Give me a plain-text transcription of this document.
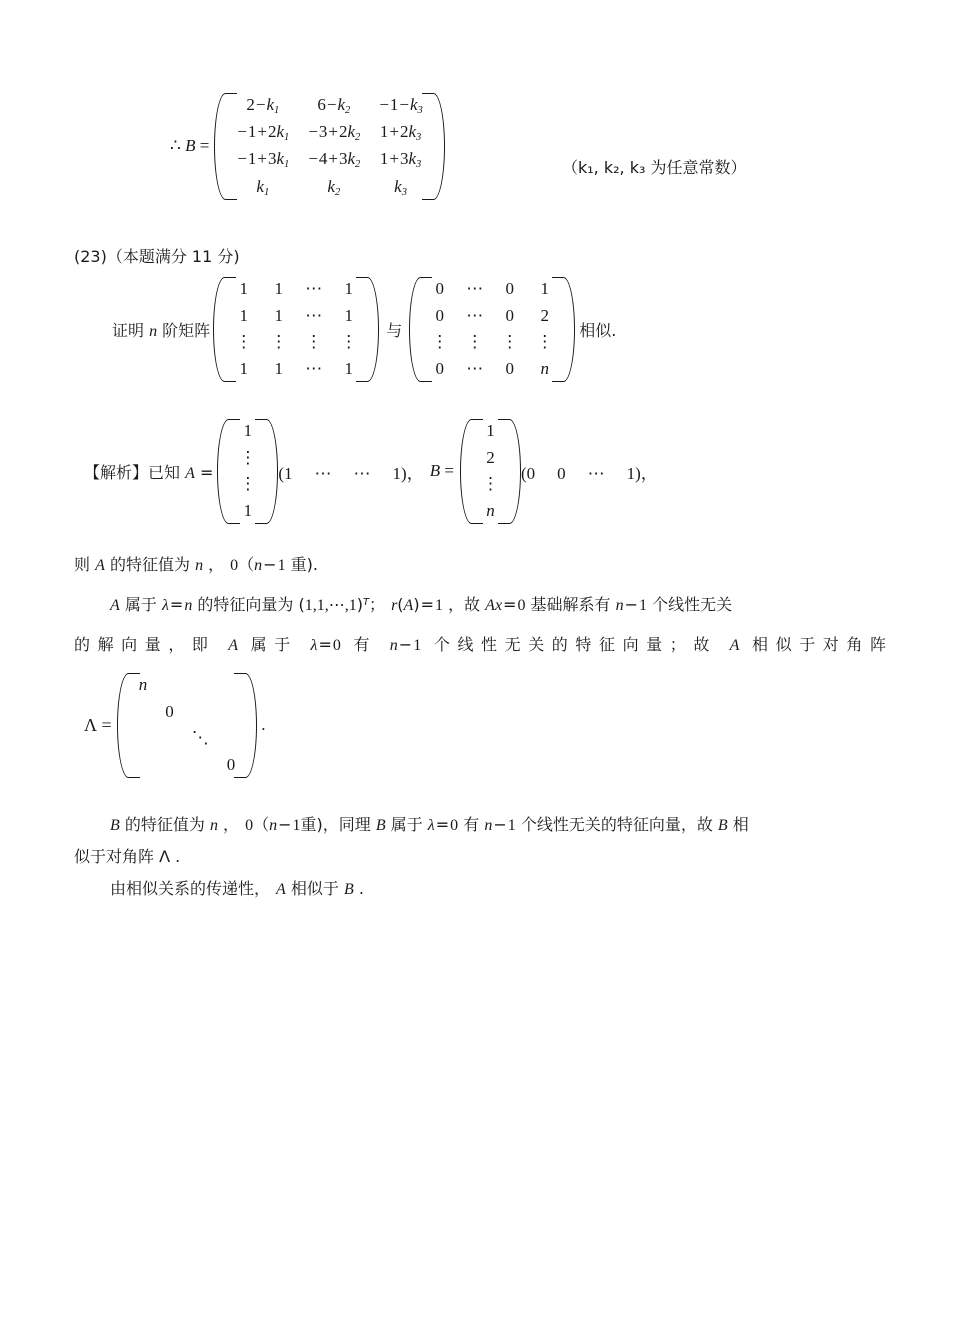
∴ B =
$2-k_1$	$6-k_2$	$-1-k_3$
$-1+2k_1$	$-3+2k_2$	$1+2k_3$
$-1+3k_1$	$-4+3k_2$	$1+3k_3$
$k_1$	$k_2$	$k_3$
（k₁, k₂, k₃ 为任意常数）
(23)（本题满分 11 分)
证明 n 阶矩阵
1	1	⋯	1
1	1	⋯	1
⋮	⋮	⋮	⋮
1	1	⋯	1
与
0	⋯	0	1
0	⋯	0	2
⋮	⋮	⋮	⋮
0	⋯	0	n
相似.
【解析】已知 A =
1
⋮
⋮
1
(1 ⋯ ⋯ 1)， B =
1
2
⋮
n
(0 0 ⋯ 1)，
则 A 的特征值为 n ， 0（n−1 重).
A 属于 λ=n 的特征向量为 (1,1,⋯,1)$^T$； r(A)=1 ，故 Ax=0 基础解系有 n−1 个线性无关
的解向量，即 A 属于 λ=0 有 n−1 个线性无关的特征向量；故 A 相似于对角阵
Λ =
n			
	0		
		⋱	
			0
.
B 的特征值为 n ， 0（n−1重)，同理 B 属于 λ=0 有 n−1 个线性无关的特征向量，故 B 相
似于对角阵 Λ .
由相似关系的传递性， A 相似于 B .
